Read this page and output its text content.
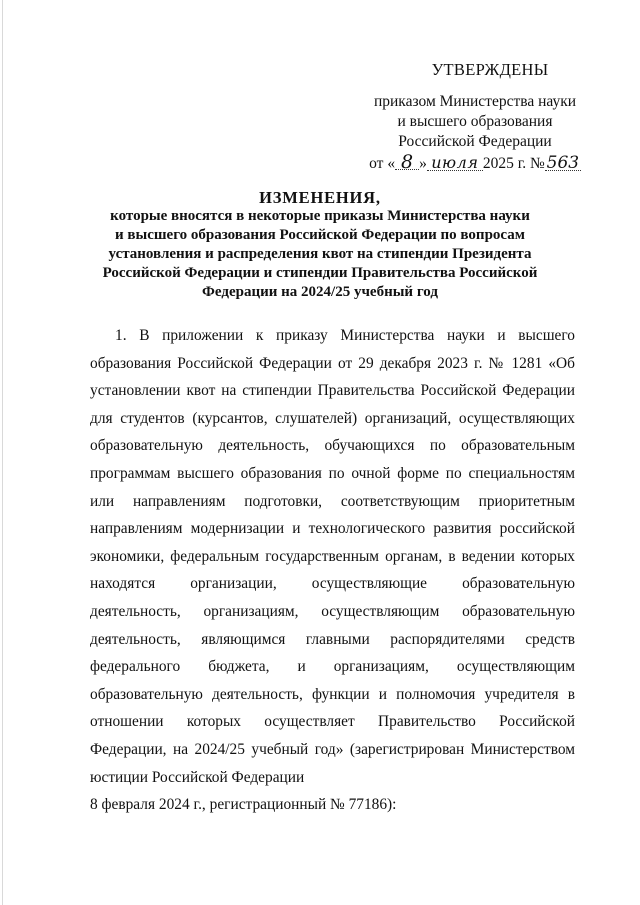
УТВЕРЖДЕНЫ
приказом Министерства науки
и высшего образования
Российской Федерации
от « 8 » июля 2025 г. № 563
ИЗМЕНЕНИЯ,
которые вносятся в некоторые приказы Министерства науки
и высшего образования Российской Федерации по вопросам
установления и распределения квот на стипендии Президента
Российской Федерации и стипендии Правительства Российской
Федерации на 2024/25 учебный год

1. В приложении к приказу Министерства науки и высшего образования Российской Федерации от 29 декабря 2023 г. № 1281 «Об установлении квот на стипендии Правительства Российской Федерации для студентов (курсантов, слушателей) организаций, осуществляющих образовательную деятельность, обучающихся по образовательным программам высшего образования по очной форме по специальностям или направлениям подготовки, соответствующим приоритетным направлениям модернизации и технологического развития российской экономики, федеральным государственным органам, в ведении которых находятся организации, осуществляющие образовательную деятельность, организациям, осуществляющим образовательную деятельность, являющимся главными распорядителями средств федерального бюджета, и организациям, осуществляющим образовательную деятельность, функции и полномочия учредителя в отношении которых осуществляет Правительство Российской Федерации, на 2024/25 учебный год» (зарегистрирован Министерством юстиции Российской Федерации

8 февраля 2024 г., регистрационный № 77186):
